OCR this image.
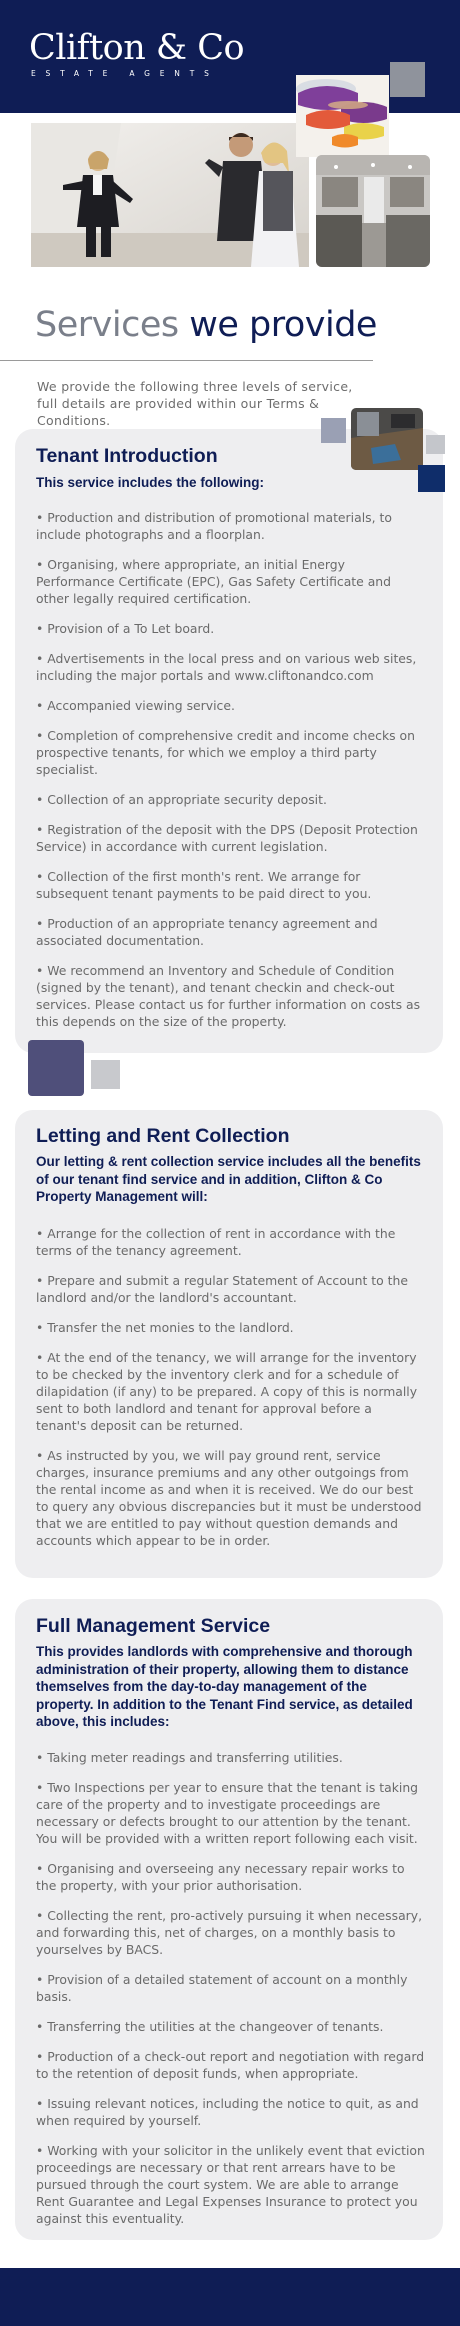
Clifton & Co
ESTATE AGENTS
Services we provide
We provide the following three levels of service, full details are provided within our Terms & Conditions.
Tenant Introduction
This service includes the following:
• Production and distribution of promotional materials, to include photographs and a floorplan.
• Organising, where appropriate, an initial Energy Performance Certificate (EPC), Gas Safety Certificate and other legally required certification.
• Provision of a To Let board.
• Advertisements in the local press and on various web sites, including the major portals and www.cliftonandco.com
• Accompanied viewing service.
• Completion of comprehensive credit and income checks on prospective tenants, for which we employ a third party specialist.
• Collection of an appropriate security deposit.
• Registration of the deposit with the DPS (Deposit Protection Service) in accordance with current legislation.
• Collection of the first month's rent. We arrange for subsequent tenant payments to be paid direct to you.
• Production of an appropriate tenancy agreement and associated documentation.
• We recommend an Inventory and Schedule of Condition (signed by the tenant), and tenant checkin and check-out services. Please contact us for further information on costs as this depends on the size of the property.
Letting and Rent Collection
Our letting & rent collection service includes all the benefits of our tenant find service and in addition, Clifton & Co Property Management will:
• Arrange for the collection of rent in accordance with the terms of the tenancy agreement.
• Prepare and submit a regular Statement of Account to the landlord and/or the landlord's accountant.
• Transfer the net monies to the landlord.
• At the end of the tenancy, we will arrange for the inventory to be checked by the inventory clerk and for a schedule of dilapidation (if any) to be prepared. A copy of this is normally sent to both landlord and tenant for approval before a tenant's deposit can be returned.
• As instructed by you, we will pay ground rent, service charges, insurance premiums and any other outgoings from the rental income as and when it is received. We do our best to query any obvious discrepancies but it must be understood that we are entitled to pay without question demands and accounts which appear to be in order.
Full Management Service
This provides landlords with comprehensive and thorough administration of their property, allowing them to distance themselves from the day-to-day management of the property. In addition to the Tenant Find service, as detailed above, this includes:
• Taking meter readings and transferring utilities.
• Two Inspections per year to ensure that the tenant is taking care of the property and to investigate proceedings are necessary or defects brought to our attention by the tenant. You will be provided with a written report following each visit.
• Organising and overseeing any necessary repair works to the property, with your prior authorisation.
• Collecting the rent, pro-actively pursuing it when necessary, and forwarding this, net of charges, on a monthly basis to yourselves by BACS.
• Provision of a detailed statement of account on a monthly basis.
• Transferring the utilities at the changeover of tenants.
• Production of a check-out report and negotiation with regard to the retention of deposit funds, when appropriate.
• Issuing relevant notices, including the notice to quit, as and when required by yourself.
• Working with your solicitor in the unlikely event that eviction proceedings are necessary or that rent arrears have to be pursued through the court system. We are able to arrange Rent Guarantee and Legal Expenses Insurance to protect you against this eventuality.
